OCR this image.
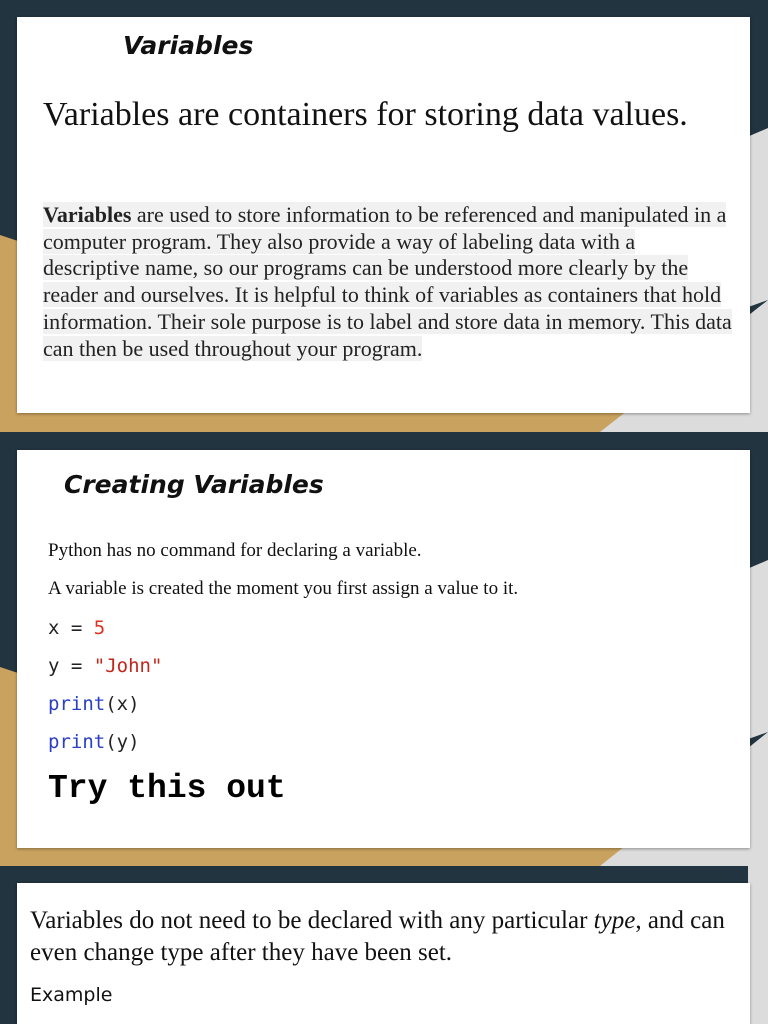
Variables

Variables are containers for storing data values.

Variables are used to store information to be referenced and manipulated in a computer program. They also provide a way of labeling data with a descriptive name, so our programs can be understood more clearly by the reader and ourselves. It is helpful to think of variables as containers that hold information. Their sole purpose is to label and store data in memory. This data can then be used throughout your program.

Creating Variables

Python has no command for declaring a variable.

A variable is created the moment you first assign a value to it.

x = 5

y = "John"

print(x)

print(y)

Try this out

Variables do not need to be declared with any particular type, and can even change type after they have been set.

Example
